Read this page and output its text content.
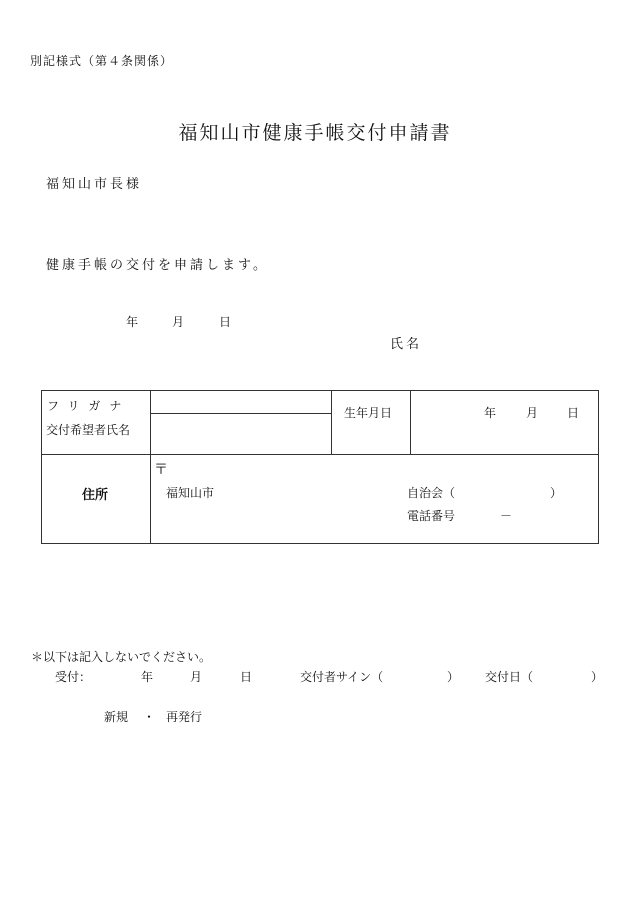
別記様式（第４条関係）
福知山市健康手帳交付申請書
福知山市長様
健康手帳の交付を申請します。
年	月	日
氏名
フリガナ
交付希望者氏名
生年月日	年 月 日
住所
〒
福知山市	自治会（	）
電話番号	－
＊以下は記入しないでください。
受付：	年	月	日	交付者サイン（	） 交付日（	）
新規 ・ 再発行
